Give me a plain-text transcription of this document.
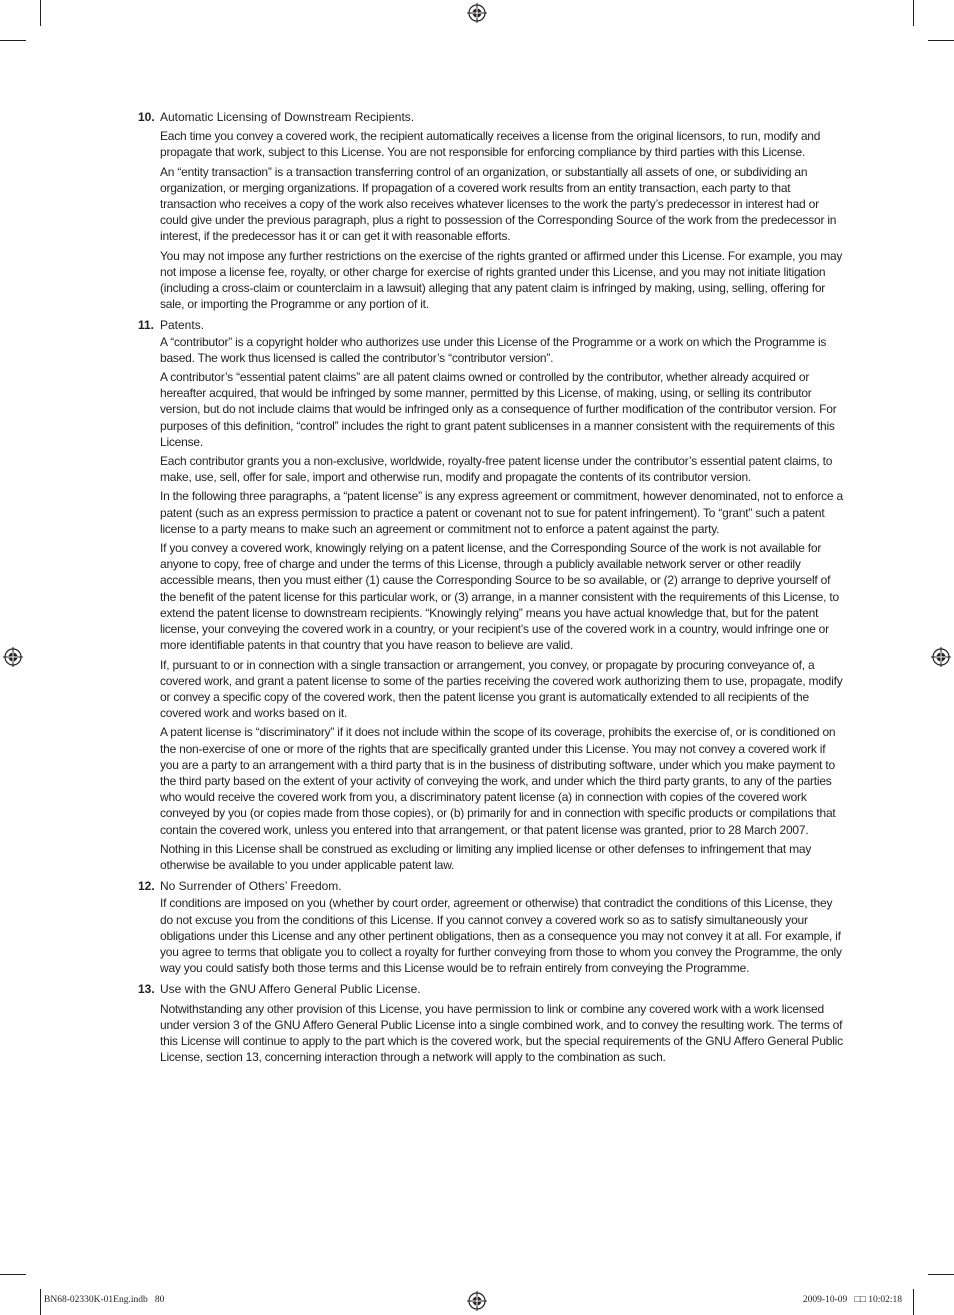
10. Automatic Licensing of Downstream Recipients.

Each time you convey a covered work, the recipient automatically receives a license from the original licensors, to run, modify and propagate that work, subject to this License. You are not responsible for enforcing compliance by third parties with this License.

An “entity transaction” is a transaction transferring control of an organization, or substantially all assets of one, or subdividing an organization, or merging organizations. If propagation of a covered work results from an entity transaction, each party to that transaction who receives a copy of the work also receives whatever licenses to the work the party’s predecessor in interest had or could give under the previous paragraph, plus a right to possession of the Corresponding Source of the work from the predecessor in interest, if the predecessor has it or can get it with reasonable efforts.

You may not impose any further restrictions on the exercise of the rights granted or affirmed under this License. For example, you may not impose a license fee, royalty, or other charge for exercise of rights granted under this License, and you may not initiate litigation (including a cross-claim or counterclaim in a lawsuit) alleging that any patent claim is infringed by making, using, selling, offering for sale, or importing the Programme or any portion of it.

11. Patents.

A “contributor” is a copyright holder who authorizes use under this License of the Programme or a work on which the Programme is based. The work thus licensed is called the contributor’s “contributor version”.

A contributor’s “essential patent claims” are all patent claims owned or controlled by the contributor, whether already acquired or hereafter acquired, that would be infringed by some manner, permitted by this License, of making, using, or selling its contributor version, but do not include claims that would be infringed only as a consequence of further modification of the contributor version. For purposes of this definition, “control” includes the right to grant patent sublicenses in a manner consistent with the requirements of this License.

Each contributor grants you a non-exclusive, worldwide, royalty-free patent license under the contributor’s essential patent claims, to make, use, sell, offer for sale, import and otherwise run, modify and propagate the contents of its contributor version.

In the following three paragraphs, a “patent license” is any express agreement or commitment, however denominated, not to enforce a patent (such as an express permission to practice a patent or covenant not to sue for patent infringement). To “grant” such a patent license to a party means to make such an agreement or commitment not to enforce a patent against the party.

If you convey a covered work, knowingly relying on a patent license, and the Corresponding Source of the work is not available for anyone to copy, free of charge and under the terms of this License, through a publicly available network server or other readily accessible means, then you must either (1) cause the Corresponding Source to be so available, or (2) arrange to deprive yourself of the benefit of the patent license for this particular work, or (3) arrange, in a manner consistent with the requirements of this License, to extend the patent license to downstream recipients. “Knowingly relying” means you have actual knowledge that, but for the patent license, your conveying the covered work in a country, or your recipient’s use of the covered work in a country, would infringe one or more identifiable patents in that country that you have reason to believe are valid.

If, pursuant to or in connection with a single transaction or arrangement, you convey, or propagate by procuring conveyance of, a covered work, and grant a patent license to some of the parties receiving the covered work authorizing them to use, propagate, modify or convey a specific copy of the covered work, then the patent license you grant is automatically extended to all recipients of the covered work and works based on it.

A patent license is “discriminatory” if it does not include within the scope of its coverage, prohibits the exercise of, or is conditioned on the non-exercise of one or more of the rights that are specifically granted under this License. You may not convey a covered work if you are a party to an arrangement with a third party that is in the business of distributing software, under which you make payment to the third party based on the extent of your activity of conveying the work, and under which the third party grants, to any of the parties who would receive the covered work from you, a discriminatory patent license (a) in connection with copies of the covered work conveyed by you (or copies made from those copies), or (b) primarily for and in connection with specific products or compilations that contain the covered work, unless you entered into that arrangement, or that patent license was granted, prior to 28 March 2007.

Nothing in this License shall be construed as excluding or limiting any implied license or other defenses to infringement that may otherwise be available to you under applicable patent law.

12. No Surrender of Others’ Freedom.

If conditions are imposed on you (whether by court order, agreement or otherwise) that contradict the conditions of this License, they do not excuse you from the conditions of this License. If you cannot convey a covered work so as to satisfy simultaneously your obligations under this License and any other pertinent obligations, then as a consequence you may not convey it at all. For example, if you agree to terms that obligate you to collect a royalty for further conveying from those to whom you convey the Programme, the only way you could satisfy both those terms and this License would be to refrain entirely from conveying the Programme.

13. Use with the GNU Affero General Public License.

Notwithstanding any other provision of this License, you have permission to link or combine any covered work with a work licensed under version 3 of the GNU Affero General Public License into a single combined work, and to convey the resulting work. The terms of this License will continue to apply to the part which is the covered work, but the special requirements of the GNU Affero General Public License, section 13, concerning interaction through a network will apply to the combination as such.

BN68-02330K-01Eng.indb   80	2009-10-09   □□ 10:02:18
